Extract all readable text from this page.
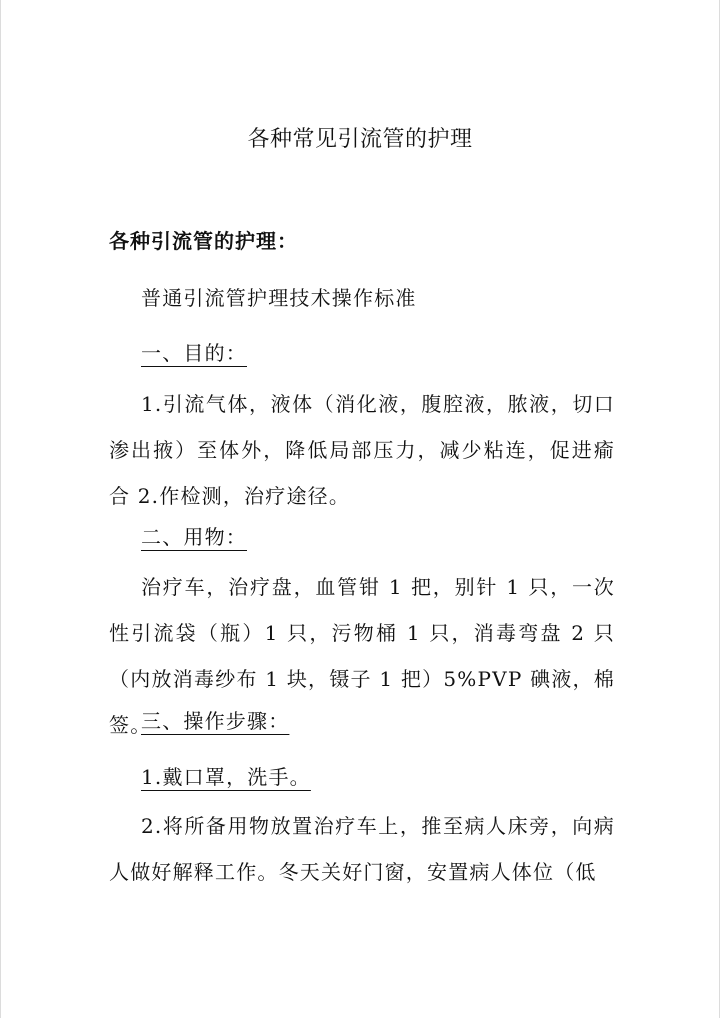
各种常见引流管的护理
各种引流管的护理：
普通引流管护理技术操作标准
一、目的：
1.引流气体，液体（消化液，腹腔液，脓液，切口渗出掖）至体外，降低局部压力，减少粘连，促进瘉合 2.作检测，治疗途径。
二、用物：
治疗车，治疗盘，血管钳 1 把，别针 1 只，一次性引流袋（瓶）1 只，污物桶 1 只，消毒弯盘 2 只（内放消毒纱布 1 块，镊子 1 把）5%PVP 碘液，棉签。
三、操作步骤：
1.戴口罩，洗手。
2.将所备用物放置治疗车上，推至病人床旁，向病人做好解释工作。冬天关好门窗，安置病人体位（低
